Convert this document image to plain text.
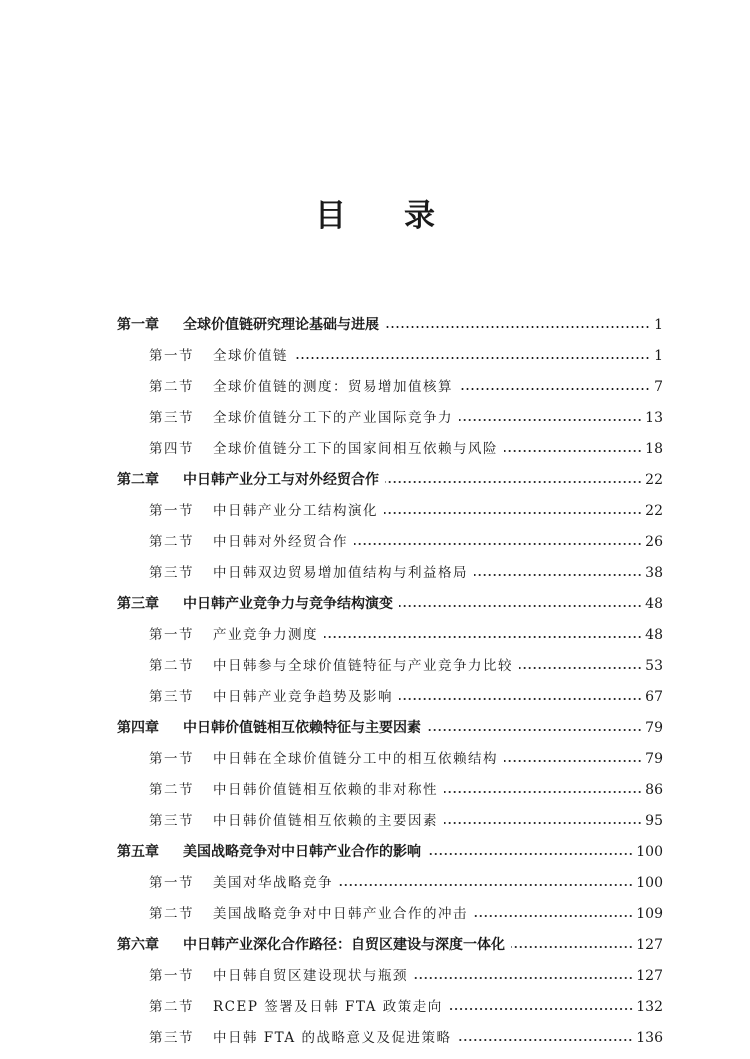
目 录
第一章	全球价值链研究理论基础与进展	1
第一节	全球价值链	1
第二节	全球价值链的测度：贸易增加值核算	7
第三节	全球价值链分工下的产业国际竞争力	13
第四节	全球价值链分工下的国家间相互依赖与风险	18
第二章	中日韩产业分工与对外经贸合作	22
第一节	中日韩产业分工结构演化	22
第二节	中日韩对外经贸合作	26
第三节	中日韩双边贸易增加值结构与利益格局	38
第三章	中日韩产业竞争力与竞争结构演变	48
第一节	产业竞争力测度	48
第二节	中日韩参与全球价值链特征与产业竞争力比较	53
第三节	中日韩产业竞争趋势及影响	67
第四章	中日韩价值链相互依赖特征与主要因素	79
第一节	中日韩在全球价值链分工中的相互依赖结构	79
第二节	中日韩价值链相互依赖的非对称性	86
第三节	中日韩价值链相互依赖的主要因素	95
第五章	美国战略竞争对中日韩产业合作的影响	100
第一节	美国对华战略竞争	100
第二节	美国战略竞争对中日韩产业合作的冲击	109
第六章	中日韩产业深化合作路径：自贸区建设与深度一体化	127
第一节	中日韩自贸区建设现状与瓶颈	127
第二节	RCEP 签署及日韩 FTA 政策走向	132
第三节	中日韩 FTA 的战略意义及促进策略	136
